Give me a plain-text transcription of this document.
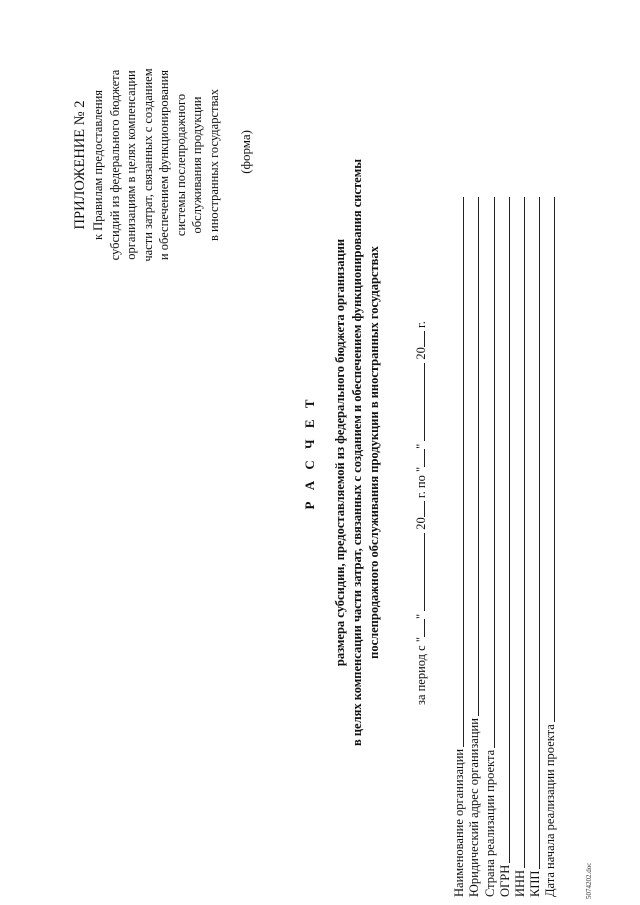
ПРИЛОЖЕНИЕ № 2 к Правилам предоставления субсидий из федерального бюджета организациям в целях компенсации части затрат, связанных с созданием и обеспечением функционирования системы послепродажного обслуживания продукции в иностранных государствах (форма)
Р А С Ч Е Т размера субсидии, предоставляемой из федерального бюджета организации в целях компенсации части затрат, связанных с созданием и обеспечением функционирования системы послепродажного обслуживания продукции в иностранных государствах
за период с ""  20 г. по ""  20 г.
Наименование организации Юридический адрес организации Страна реализации проекта ОГРН ИНН КПП Дата начала реализации проекта	5074202.doc
